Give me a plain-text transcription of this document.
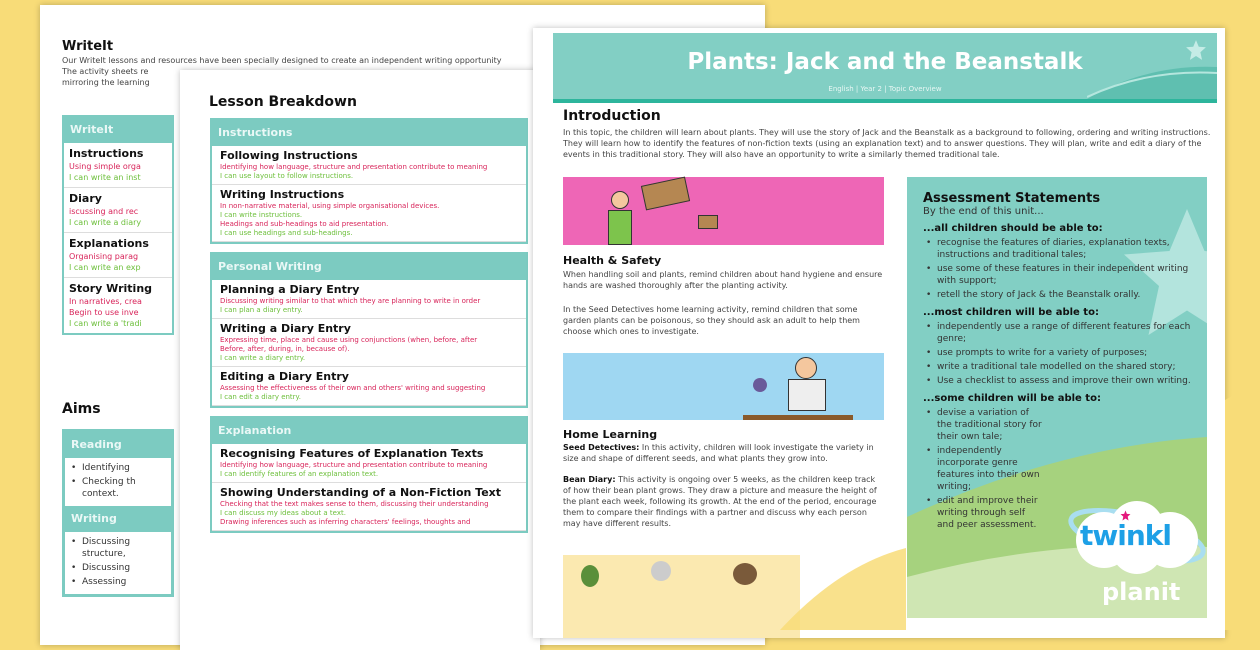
WriteIt
Our WriteIt lessons and resources have been specially designed to create an independent writing opportunity
The activity sheets re
mirroring the learning
WriteIt
Instructions
Using simple orga
I can write an inst
Diary
iscussing and rec
I can write a diary
Explanations
Organising parag
I can write an exp
Story Writing
In narratives, crea
Begin to use inve
I can write a 'tradi
Aims
Reading
• Identifying
• Checking th context.
Writing
• Discussing structure,
• Discussing
• Assessing
Lesson Breakdown
Instructions
Following Instructions
Identifying how language, structure and presentation contribute to meaning
I can use layout to follow instructions.
Writing Instructions
In non-narrative material, using simple organisational devices.
I can write instructions.
Headings and sub-headings to aid presentation.
I can use headings and sub-headings.
Personal Writing
Planning a Diary Entry
Discussing writing similar to that which they are planning to write in order
I can plan a diary entry.
Writing a Diary Entry
Expressing time, place and cause using conjunctions (when, before, after
Before, after, during, in, because of).
I can write a diary entry.
Editing a Diary Entry
Assessing the effectiveness of their own and others' writing and suggesting
I can edit a diary entry.
Explanation
Recognising Features of Explanation Texts
Identifying how language, structure and presentation contribute to meaning
I can identify features of an explanation text.
Showing Understanding of a Non-Fiction Text
Checking that the text makes sense to them, discussing their understanding
I can discuss my ideas about a text.
Drawing inferences such as inferring characters' feelings, thoughts and
Plants: Jack and the Beanstalk
English | Year 2 | Topic Overview
Introduction
In this topic, the children will learn about plants. They will use the story of Jack and the Beanstalk as a background to following, ordering and writing instructions. They will learn how to identify the features of non-fiction texts (using an explanation text) and to answer questions. They will plan, write and edit a diary of the events in this traditional story. They will also have an opportunity to write a similarly themed traditional tale.
Health & Safety
When handling soil and plants, remind children about hand hygiene and ensure hands are washed thoroughly after the planting activity.
In the Seed Detectives home learning activity, remind children that some garden plants can be poisonous, so they should ask an adult to help them choose which ones to investigate.
Home Learning
Seed Detectives: In this activity, children will look investigate the variety in size and shape of different seeds, and what plants they grow into.
Bean Diary: This activity is ongoing over 5 weeks, as the children keep track of how their bean plant grows. They draw a picture and measure the height of the plant each week, following its growth. At the end of the period, encourage them to compare their findings with a partner and discuss why each person may have different results.
Assessment Statements
By the end of this unit...
...all children should be able to:
• recognise the features of diaries, explanation texts, instructions and traditional tales;
• use some of these features in their independent writing with support;
• retell the story of Jack & the Beanstalk orally.
...most children will be able to:
• independently use a range of different features for each genre;
• use prompts to write for a variety of purposes;
• write a traditional tale modelled on the shared story;
• Use a checklist to assess and improve their own writing.
...some children will be able to:
• devise a variation of the traditional story for their own tale;
• independently incorporate genre features into their own writing;
• edit and improve their writing through self and peer assessment. twinkl
planit
